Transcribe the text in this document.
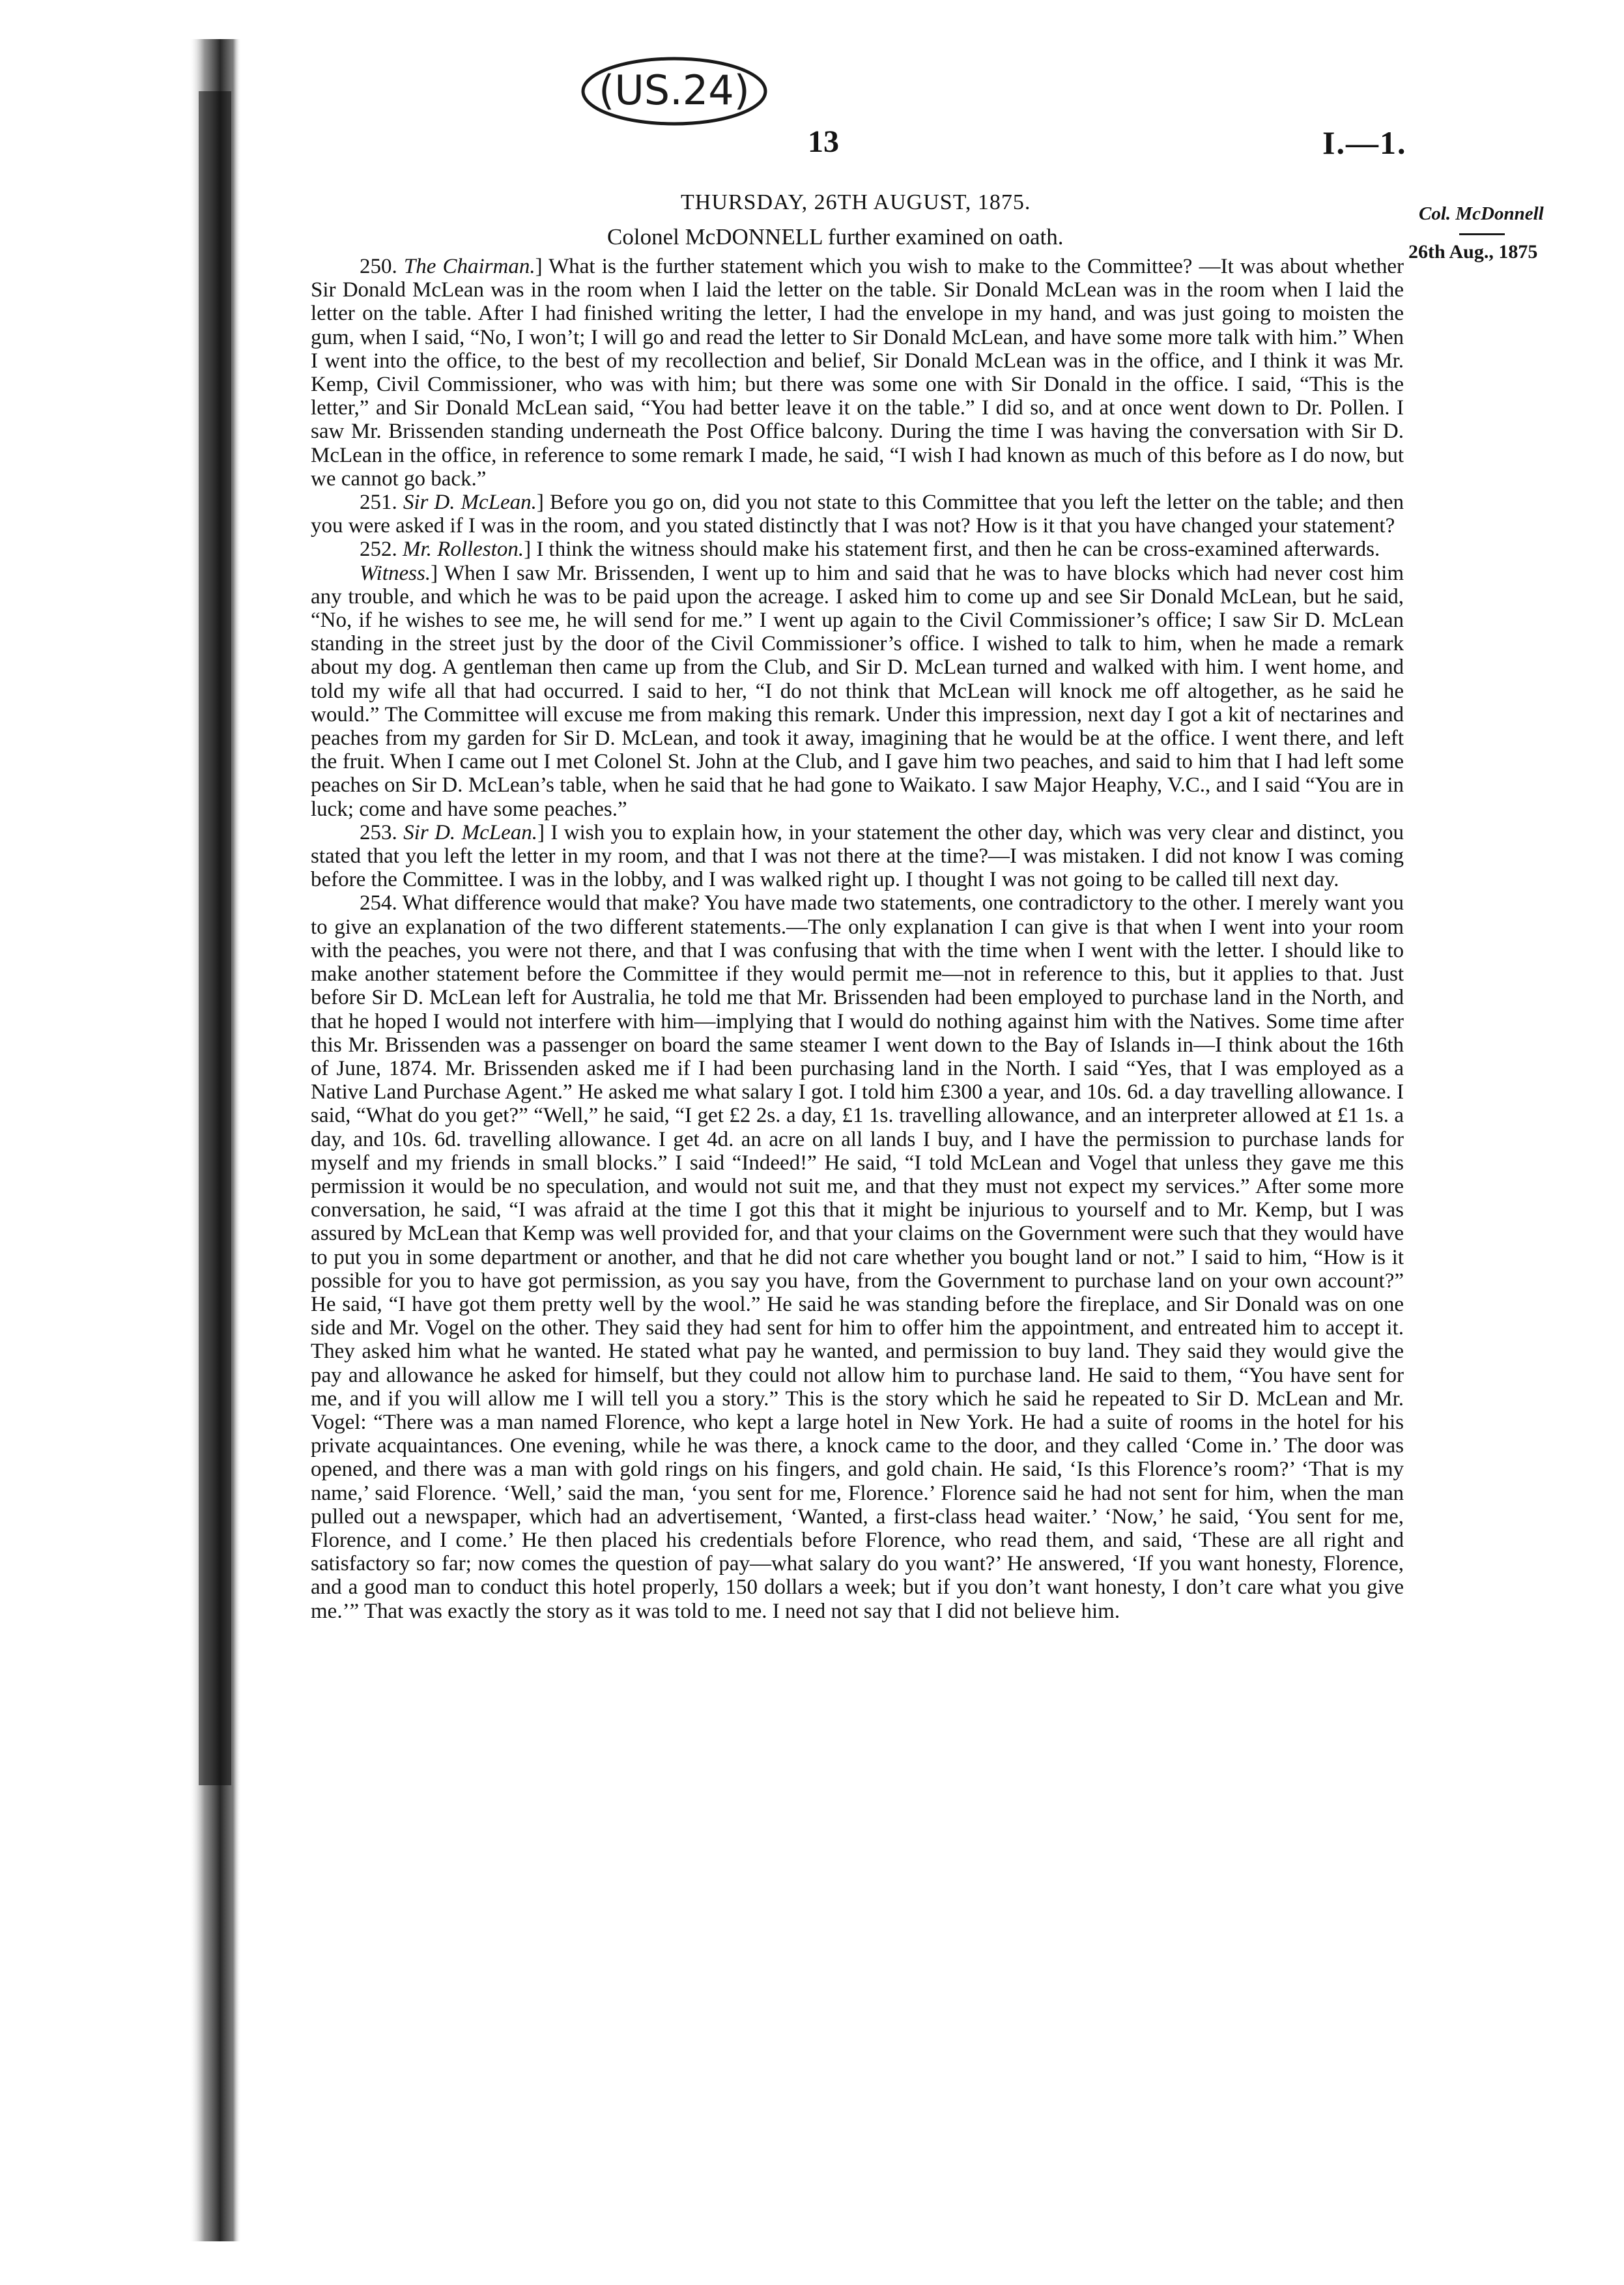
(US.24)
13	I.—1.
THURSDAY, 26TH AUGUST, 1875.
Colonel McDONNELL further examined on oath.
Col. McDonnell
26th Aug., 1875

250. The Chairman.] What is the further statement which you wish to make to the Committee? —It was about whether Sir Donald McLean was in the room when I laid the letter on the table. Sir Donald McLean was in the room when I laid the letter on the table. After I had finished writing the letter, I had the envelope in my hand, and was just going to moisten the gum, when I said, “No, I won’t; I will go and read the letter to Sir Donald McLean, and have some more talk with him.” When I went into the office, to the best of my recollection and belief, Sir Donald McLean was in the office, and I think it was Mr. Kemp, Civil Commissioner, who was with him; but there was some one with Sir Donald in the office. I said, “This is the letter,” and Sir Donald McLean said, “You had better leave it on the table.” I did so, and at once went down to Dr. Pollen. I saw Mr. Brissenden standing underneath the Post Office balcony. During the time I was having the conversation with Sir D. McLean in the office, in reference to some remark I made, he said, “I wish I had known as much of this before as I do now, but we cannot go back.”

251. Sir D. McLean.] Before you go on, did you not state to this Committee that you left the letter on the table; and then you were asked if I was in the room, and you stated distinctly that I was not? How is it that you have changed your statement?

252. Mr. Rolleston.] I think the witness should make his statement first, and then he can be cross-examined afterwards.

Witness.] When I saw Mr. Brissenden, I went up to him and said that he was to have blocks which had never cost him any trouble, and which he was to be paid upon the acreage. I asked him to come up and see Sir Donald McLean, but he said, “No, if he wishes to see me, he will send for me.” I went up again to the Civil Commissioner’s office; I saw Sir D. McLean standing in the street just by the door of the Civil Commissioner’s office. I wished to talk to him, when he made a remark about my dog. A gentleman then came up from the Club, and Sir D. McLean turned and walked with him. I went home, and told my wife all that had occurred. I said to her, “I do not think that McLean will knock me off altogether, as he said he would.” The Committee will excuse me from making this remark. Under this impression, next day I got a kit of nectarines and peaches from my garden for Sir D. McLean, and took it away, imagining that he would be at the office. I went there, and left the fruit. When I came out I met Colonel St. John at the Club, and I gave him two peaches, and said to him that I had left some peaches on Sir D. McLean’s table, when he said that he had gone to Waikato. I saw Major Heaphy, V.C., and I said “You are in luck; come and have some peaches.”

253. Sir D. McLean.] I wish you to explain how, in your statement the other day, which was very clear and distinct, you stated that you left the letter in my room, and that I was not there at the time?—I was mistaken. I did not know I was coming before the Committee. I was in the lobby, and I was walked right up. I thought I was not going to be called till next day.

254. What difference would that make? You have made two statements, one contradictory to the other. I merely want you to give an explanation of the two different statements.—The only explanation I can give is that when I went into your room with the peaches, you were not there, and that I was confusing that with the time when I went with the letter. I should like to make another statement before the Committee if they would permit me—not in reference to this, but it applies to that. Just before Sir D. McLean left for Australia, he told me that Mr. Brissenden had been employed to purchase land in the North, and that he hoped I would not interfere with him—implying that I would do nothing against him with the Natives. Some time after this Mr. Brissenden was a passenger on board the same steamer I went down to the Bay of Islands in—I think about the 16th of June, 1874. Mr. Brissenden asked me if I had been purchasing land in the North. I said “Yes, that I was employed as a Native Land Purchase Agent.” He asked me what salary I got. I told him £300 a year, and 10s. 6d. a day travelling allowance. I said, “What do you get?” “Well,” he said, “I get £2 2s. a day, £1 1s. travelling allowance, and an interpreter allowed at £1 1s. a day, and 10s. 6d. travelling allowance. I get 4d. an acre on all lands I buy, and I have the permission to purchase lands for myself and my friends in small blocks.” I said “Indeed!” He said, “I told McLean and Vogel that unless they gave me this permission it would be no speculation, and would not suit me, and that they must not expect my services.” After some more conversation, he said, “I was afraid at the time I got this that it might be injurious to yourself and to Mr. Kemp, but I was assured by McLean that Kemp was well provided for, and that your claims on the Government were such that they would have to put you in some department or another, and that he did not care whether you bought land or not.” I said to him, “How is it possible for you to have got permission, as you say you have, from the Government to purchase land on your own account?” He said, “I have got them pretty well by the wool.” He said he was standing before the fireplace, and Sir Donald was on one side and Mr. Vogel on the other. They said they had sent for him to offer him the appointment, and entreated him to accept it. They asked him what he wanted. He stated what pay he wanted, and permission to buy land. They said they would give the pay and allowance he asked for himself, but they could not allow him to purchase land. He said to them, “You have sent for me, and if you will allow me I will tell you a story.” This is the story which he said he repeated to Sir D. McLean and Mr. Vogel: “There was a man named Florence, who kept a large hotel in New York. He had a suite of rooms in the hotel for his private acquaintances. One evening, while he was there, a knock came to the door, and they called ‘Come in.’ The door was opened, and there was a man with gold rings on his fingers, and gold chain. He said, ‘Is this Florence’s room?’ ‘That is my name,’ said Florence. ‘Well,’ said the man, ‘you sent for me, Florence.’ Florence said he had not sent for him, when the man pulled out a newspaper, which had an advertisement, ‘Wanted, a first-class head waiter.’ ‘Now,’ he said, ‘You sent for me, Florence, and I come.’ He then placed his credentials before Florence, who read them, and said, ‘These are all right and satisfactory so far; now comes the question of pay—what salary do you want?’ He answered, ‘If you want honesty, Florence, and a good man to conduct this hotel properly, 150 dollars a week; but if you don’t want honesty, I don’t care what you give me.’” That was exactly the story as it was told to me. I need not say that I did not believe him.
